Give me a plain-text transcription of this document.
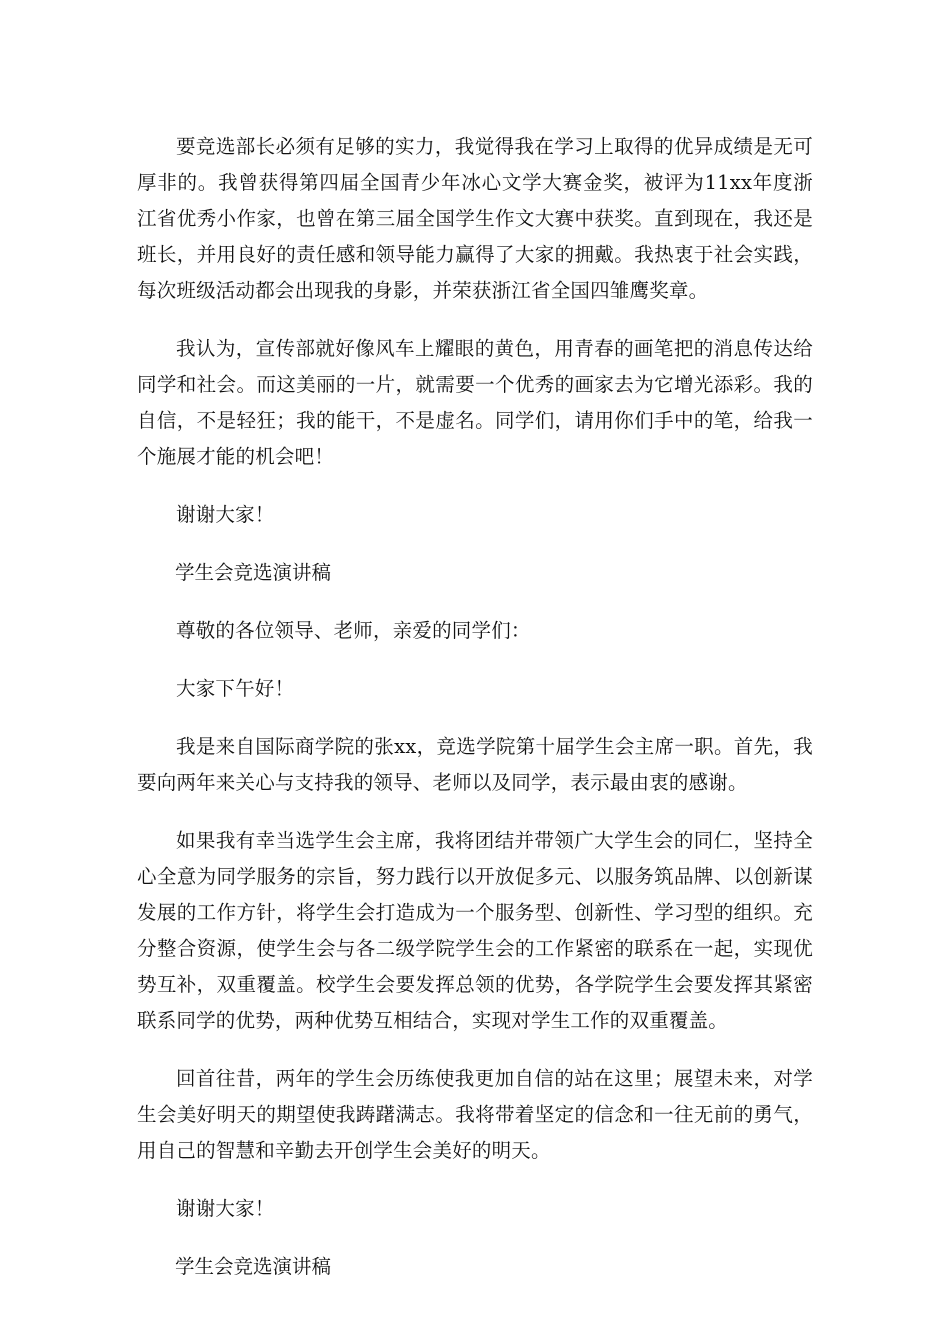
要竞选部长必须有足够的实力，我觉得我在学习上取得的优异成绩是无可厚非的。我曾获得第四届全国青少年冰心文学大赛金奖，被评为11xx年度浙江省优秀小作家，也曾在第三届全国学生作文大赛中获奖。直到现在，我还是班长，并用良好的责任感和领导能力赢得了大家的拥戴。我热衷于社会实践，每次班级活动都会出现我的身影，并荣获浙江省全国四雏鹰奖章。

我认为，宣传部就好像风车上耀眼的黄色，用青春的画笔把的消息传达给同学和社会。而这美丽的一片，就需要一个优秀的画家去为它增光添彩。我的自信，不是轻狂；我的能干，不是虚名。同学们，请用你们手中的笔，给我一个施展才能的机会吧！

谢谢大家！

学生会竞选演讲稿

尊敬的各位领导、老师，亲爱的同学们：

大家下午好！

我是来自国际商学院的张xx，竞选学院第十届学生会主席一职。首先，我要向两年来关心与支持我的领导、老师以及同学，表示最由衷的感谢。

如果我有幸当选学生会主席，我将团结并带领广大学生会的同仁，坚持全心全意为同学服务的宗旨，努力践行以开放促多元、以服务筑品牌、以创新谋发展的工作方针，将学生会打造成为一个服务型、创新性、学习型的组织。充分整合资源，使学生会与各二级学院学生会的工作紧密的联系在一起，实现优势互补，双重覆盖。校学生会要发挥总领的优势，各学院学生会要发挥其紧密联系同学的优势，两种优势互相结合，实现对学生工作的双重覆盖。

回首往昔，两年的学生会历练使我更加自信的站在这里；展望未来，对学生会美好明天的期望使我踌躇满志。我将带着坚定的信念和一往无前的勇气，用自己的智慧和辛勤去开创学生会美好的明天。

谢谢大家！

学生会竞选演讲稿
